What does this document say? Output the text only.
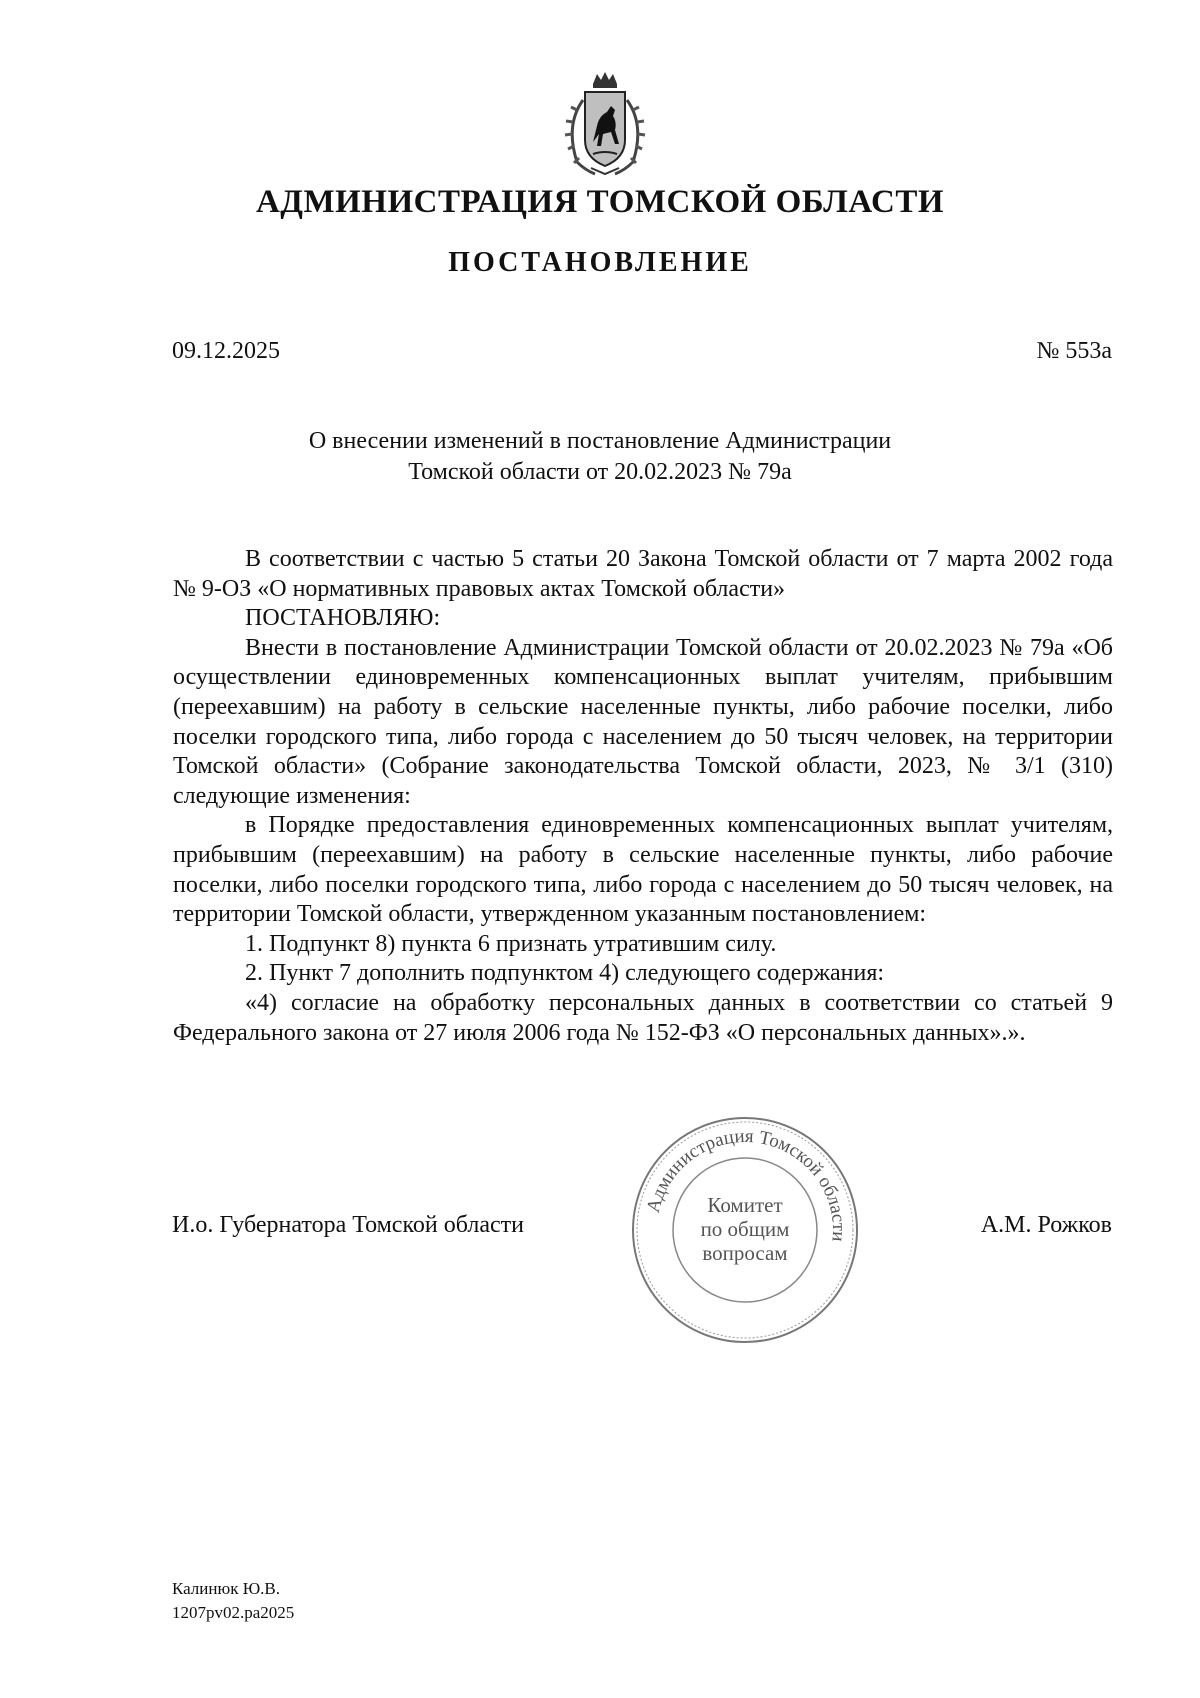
АДМИНИСТРАЦИЯ ТОМСКОЙ ОБЛАСТИ
ПОСТАНОВЛЕНИЕ
09.12.2025	№ 553а
О внесении изменений в постановление Администрации
Томской области от 20.02.2023 № 79а

В соответствии с частью 5 статьи 20 Закона Томской области от 7 марта 2002 года № 9-ОЗ «О нормативных правовых актах Томской области»

ПОСТАНОВЛЯЮ:

Внести в постановление Администрации Томской области от 20.02.2023 № 79а «Об осуществлении единовременных компенсационных выплат учителям, прибывшим (переехавшим) на работу в сельские населенные пункты, либо рабочие поселки, либо поселки городского типа, либо города с населением до 50 тысяч человек, на территории Томской области» (Собрание законодательства Томской области, 2023, № 3/1 (310) следующие изменения:

в Порядке предоставления единовременных компенсационных выплат учителям, прибывшим (переехавшим) на работу в сельские населенные пункты, либо рабочие поселки, либо поселки городского типа, либо города с населением до 50 тысяч человек, на территории Томской области, утвержденном указанным постановлением:

1. Подпункт 8) пункта 6 признать утратившим силу.

2. Пункт 7 дополнить подпунктом 4) следующего содержания:

«4) согласие на обработку персональных данных в соответствии со статьей 9 Федерального закона от 27 июля 2006 года № 152-ФЗ «О персональных данных».».

И.о. Губернатора Томской области
Администрация Томской области
Комитет
по общим
вопросам
А.М. Рожков
Калинюк Ю.В.
1207pv02.pa2025
